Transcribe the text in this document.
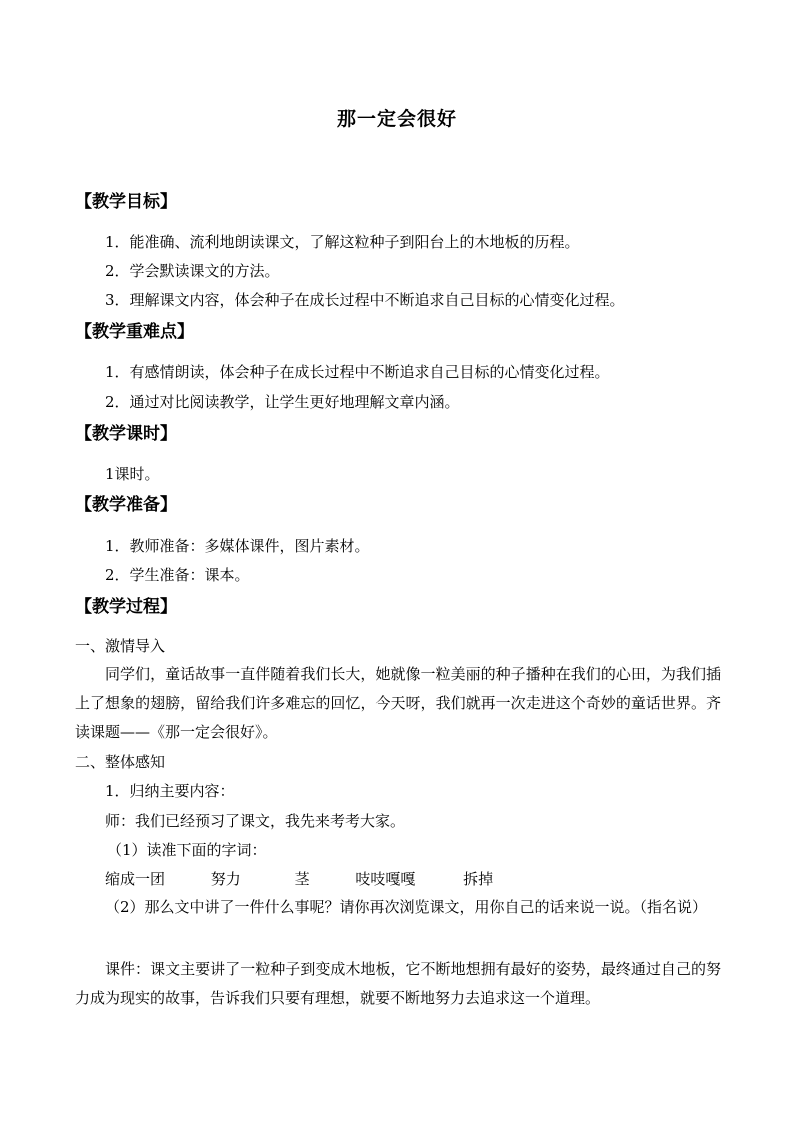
那一定会很好
【教学目标】
1．能准确、流利地朗读课文，了解这粒种子到阳台上的木地板的历程。
2．学会默读课文的方法。
3．理解课文内容，体会种子在成长过程中不断追求自己目标的心情变化过程。
【教学重难点】
1．有感情朗读，体会种子在成长过程中不断追求自己目标的心情变化过程。
2．通过对比阅读教学，让学生更好地理解文章内涵。
【教学课时】
1课时。
【教学准备】
1．教师准备：多媒体课件，图片素材。
2．学生准备：课本。
【教学过程】
一、激情导入
同学们，童话故事一直伴随着我们长大，她就像一粒美丽的种子播种在我们的心田，为我们插上了想象的翅膀，留给我们许多难忘的回忆，今天呀，我们就再一次走进这个奇妙的童话世界。齐读课题——《那一定会很好》。
二、整体感知
1．归纳主要内容：
师：我们已经预习了课文，我先来考考大家。
（1）读准下面的字词：
缩成一团	努力	茎	吱吱嘎嘎	拆掉
（2）那么文中讲了一件什么事呢？请你再次浏览课文，用你自己的话来说一说。（指名说）
课件：课文主要讲了一粒种子到变成木地板，它不断地想拥有最好的姿势，最终通过自己的努力成为现实的故事，告诉我们只要有理想，就要不断地努力去追求这一个道理。
